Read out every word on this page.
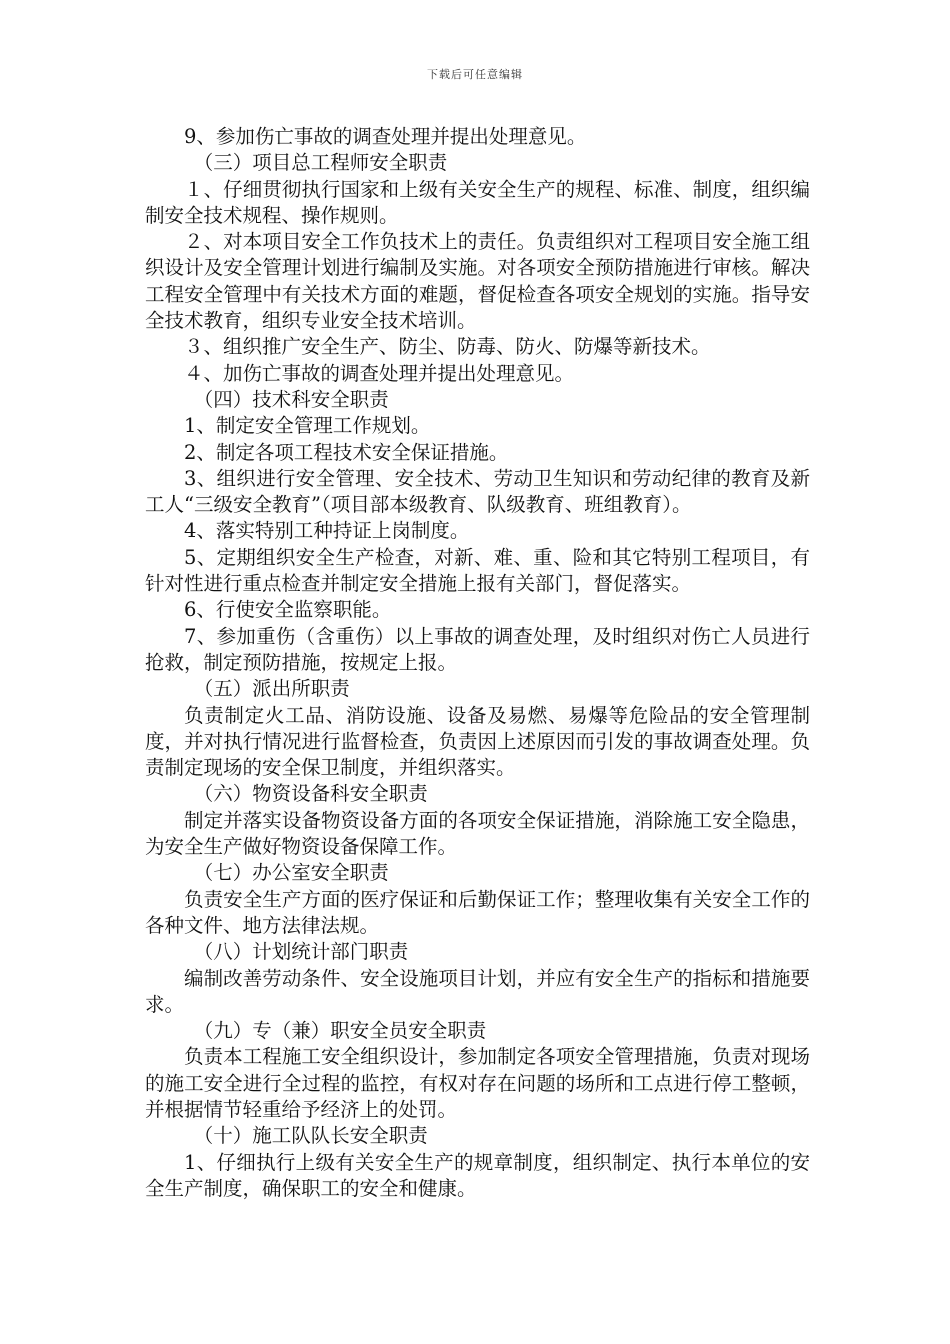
下载后可任意编辑

9、参加伤亡事故的调查处理并提出处理意见。

（三）项目总工程师安全职责

１、仔细贯彻执行国家和上级有关安全生产的规程、标准、制度，组织编制安全技术规程、操作规则。

２、对本项目安全工作负技术上的责任。负责组织对工程项目安全施工组织设计及安全管理计划进行编制及实施。对各项安全预防措施进行审核。解决工程安全管理中有关技术方面的难题，督促检查各项安全规划的实施。指导安全技术教育，组织专业安全技术培训。

３、组织推广安全生产、防尘、防毒、防火、防爆等新技术。

４、加伤亡事故的调查处理并提出处理意见。

（四）技术科安全职责

1、制定安全管理工作规划。

2、制定各项工程技术安全保证措施。

3、组织进行安全管理、安全技术、劳动卫生知识和劳动纪律的教育及新工人“三级安全教育”（项目部本级教育、队级教育、班组教育）。

4、落实特别工种持证上岗制度。

5、定期组织安全生产检查，对新、难、重、险和其它特别工程项目，有针对性进行重点检查并制定安全措施上报有关部门，督促落实。

6、行使安全监察职能。

7、参加重伤（含重伤）以上事故的调查处理，及时组织对伤亡人员进行抢救，制定预防措施，按规定上报。

（五）派出所职责

负责制定火工品、消防设施、设备及易燃、易爆等危险品的安全管理制度，并对执行情况进行监督检查，负责因上述原因而引发的事故调查处理。负责制定现场的安全保卫制度，并组织落实。

（六）物资设备科安全职责

制定并落实设备物资设备方面的各项安全保证措施，消除施工安全隐患，为安全生产做好物资设备保障工作。

（七）办公室安全职责

负责安全生产方面的医疗保证和后勤保证工作；整理收集有关安全工作的各种文件、地方法律法规。

（八）计划统计部门职责

编制改善劳动条件、安全设施项目计划，并应有安全生产的指标和措施要求。

（九）专（兼）职安全员安全职责

负责本工程施工安全组织设计，参加制定各项安全管理措施，负责对现场的施工安全进行全过程的监控，有权对存在问题的场所和工点进行停工整顿，并根据情节轻重给予经济上的处罚。

（十）施工队队长安全职责

1、仔细执行上级有关安全生产的规章制度，组织制定、执行本单位的安全生产制度，确保职工的安全和健康。
